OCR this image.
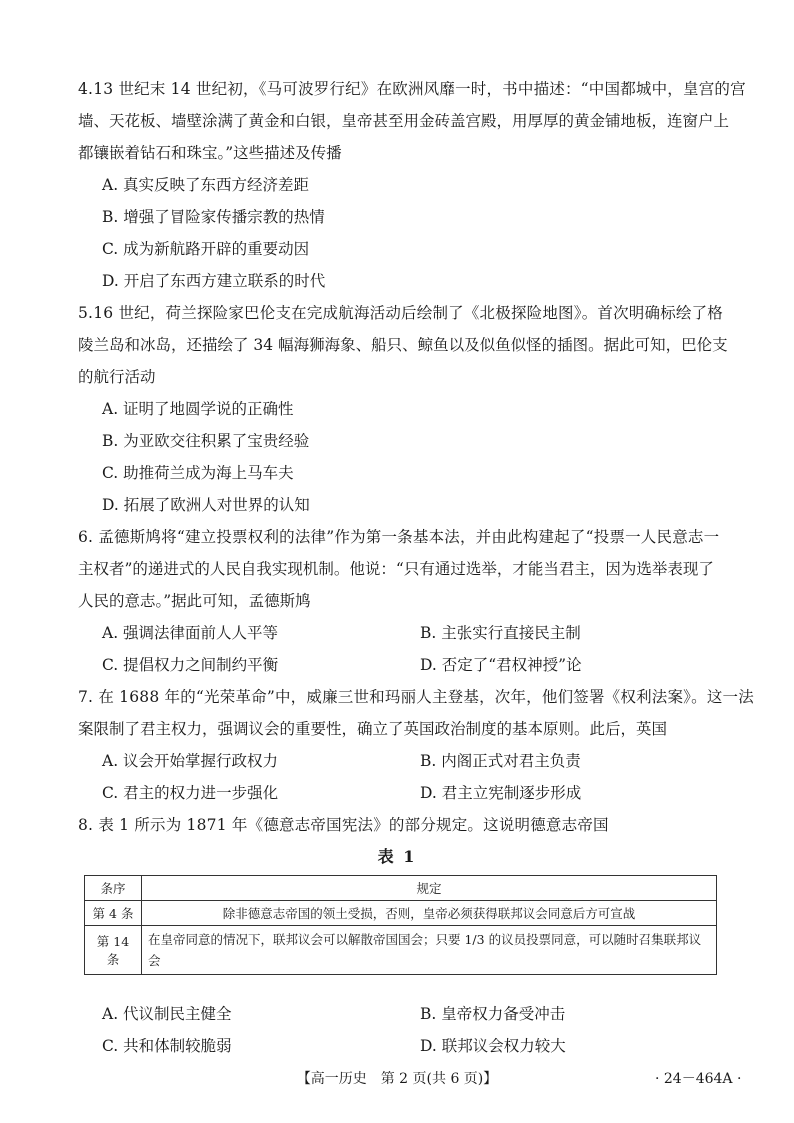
4.13 世纪末 14 世纪初，《马可波罗行纪》在欧洲风靡一时，书中描述：“中国都城中，皇宫的宫
墙、天花板、墙壁涂满了黄金和白银，皇帝甚至用金砖盖宫殿，用厚厚的黄金铺地板，连窗户上
都镶嵌着钻石和珠宝。”这些描述及传播
A. 真实反映了东西方经济差距
B. 增强了冒险家传播宗教的热情
C. 成为新航路开辟的重要动因
D. 开启了东西方建立联系的时代
5.16 世纪，荷兰探险家巴伦支在完成航海活动后绘制了《北极探险地图》。首次明确标绘了格
陵兰岛和冰岛，还描绘了 34 幅海狮海象、船只、鲸鱼以及似鱼似怪的插图。据此可知，巴伦支
的航行活动
A. 证明了地圆学说的正确性
B. 为亚欧交往积累了宝贵经验
C. 助推荷兰成为海上马车夫
D. 拓展了欧洲人对世界的认知
6. 孟德斯鸠将“建立投票权利的法律”作为第一条基本法，并由此构建起了“投票一人民意志一
主权者”的递进式的人民自我实现机制。他说：“只有通过选举，才能当君主，因为选举表现了
人民的意志。”据此可知，孟德斯鸠
A. 强调法律面前人人平等	B. 主张实行直接民主制
C. 提倡权力之间制约平衡	D. 否定了“君权神授”论
7. 在 1688 年的“光荣革命”中，威廉三世和玛丽人主登基，次年，他们签署《权利法案》。这一法
案限制了君主权力，强调议会的重要性，确立了英国政治制度的基本原则。此后，英国
A. 议会开始掌握行政权力	B. 内阁正式对君主负责
C. 君主的权力进一步强化	D. 君主立宪制逐步形成
8. 表 1 所示为 1871 年《德意志帝国宪法》的部分规定。这说明德意志帝国
表 1
条序	规定
第 4 条	除非德意志帝国的领土受损，否则，皇帝必须获得联邦议会同意后方可宣战
第 14 条	在皇帝同意的情况下，联邦议会可以解散帝国国会；只要 1/3 的议员投票同意，可以随时召集联邦议会
A. 代议制民主健全	B. 皇帝权力备受冲击
C. 共和体制较脆弱	D. 联邦议会权力较大
【高一历史　第 2 页(共 6 页)】	· 24－464A ·
